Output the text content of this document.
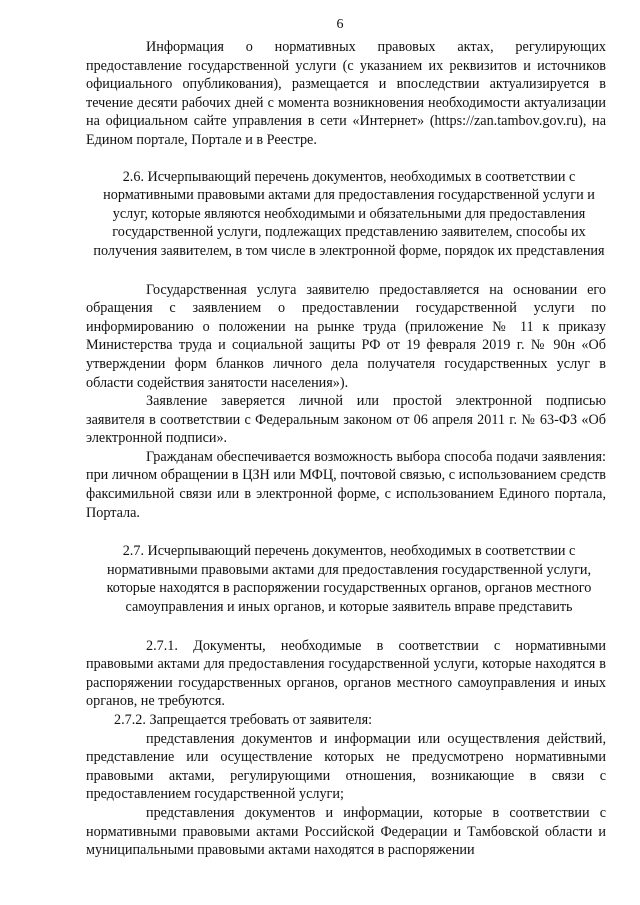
6

Информация о нормативных правовых актах, регулирующих предоставление государственной услуги (с указанием их реквизитов и источников официального опубликования), размещается и впоследствии актуализируется в течение десяти рабочих дней с момента возникновения необходимости актуализации на официальном сайте управления в сети «Интернет» (https://zan.tambov.gov.ru), на Едином портале, Портале и в Реестре.

2.6. Исчерпывающий перечень документов, необходимых в соответствии с нормативными правовыми актами для предоставления государственной услуги и услуг, которые являются необходимыми и обязательными для предоставления государственной услуги, подлежащих представлению заявителем, способы их получения заявителем, в том числе в электронной форме, порядок их представления

Государственная услуга заявителю предоставляется на основании его обращения с заявлением о предоставлении государственной услуги по информированию о положении на рынке труда (приложение № 11 к приказу Министерства труда и социальной защиты РФ от 19 февраля 2019 г. № 90н «Об утверждении форм бланков личного дела получателя государственных услуг в области содействия занятости населения»).

Заявление заверяется личной или простой электронной подписью заявителя в соответствии с Федеральным законом от 06 апреля 2011 г. № 63-ФЗ «Об электронной подписи».

Гражданам обеспечивается возможность выбора способа подачи заявления: при личном обращении в ЦЗН или МФЦ, почтовой связью, с использованием средств факсимильной связи или в электронной форме, с использованием Единого портала, Портала.

2.7. Исчерпывающий перечень документов, необходимых в соответствии с нормативными правовыми актами для предоставления государственной услуги, которые находятся в распоряжении государственных органов, органов местного самоуправления и иных органов, и которые заявитель вправе представить

2.7.1. Документы, необходимые в соответствии с нормативными правовыми актами для предоставления государственной услуги, которые находятся в распоряжении государственных органов, органов местного самоуправления и иных органов, не требуются.

2.7.2. Запрещается требовать от заявителя:

представления документов и информации или осуществления действий, представление или осуществление которых не предусмотрено нормативными правовыми актами, регулирующими отношения, возникающие в связи с предоставлением государственной услуги;

представления документов и информации, которые в соответствии с нормативными правовыми актами Российской Федерации и Тамбовской области и муниципальными правовыми актами находятся в распоряжении
